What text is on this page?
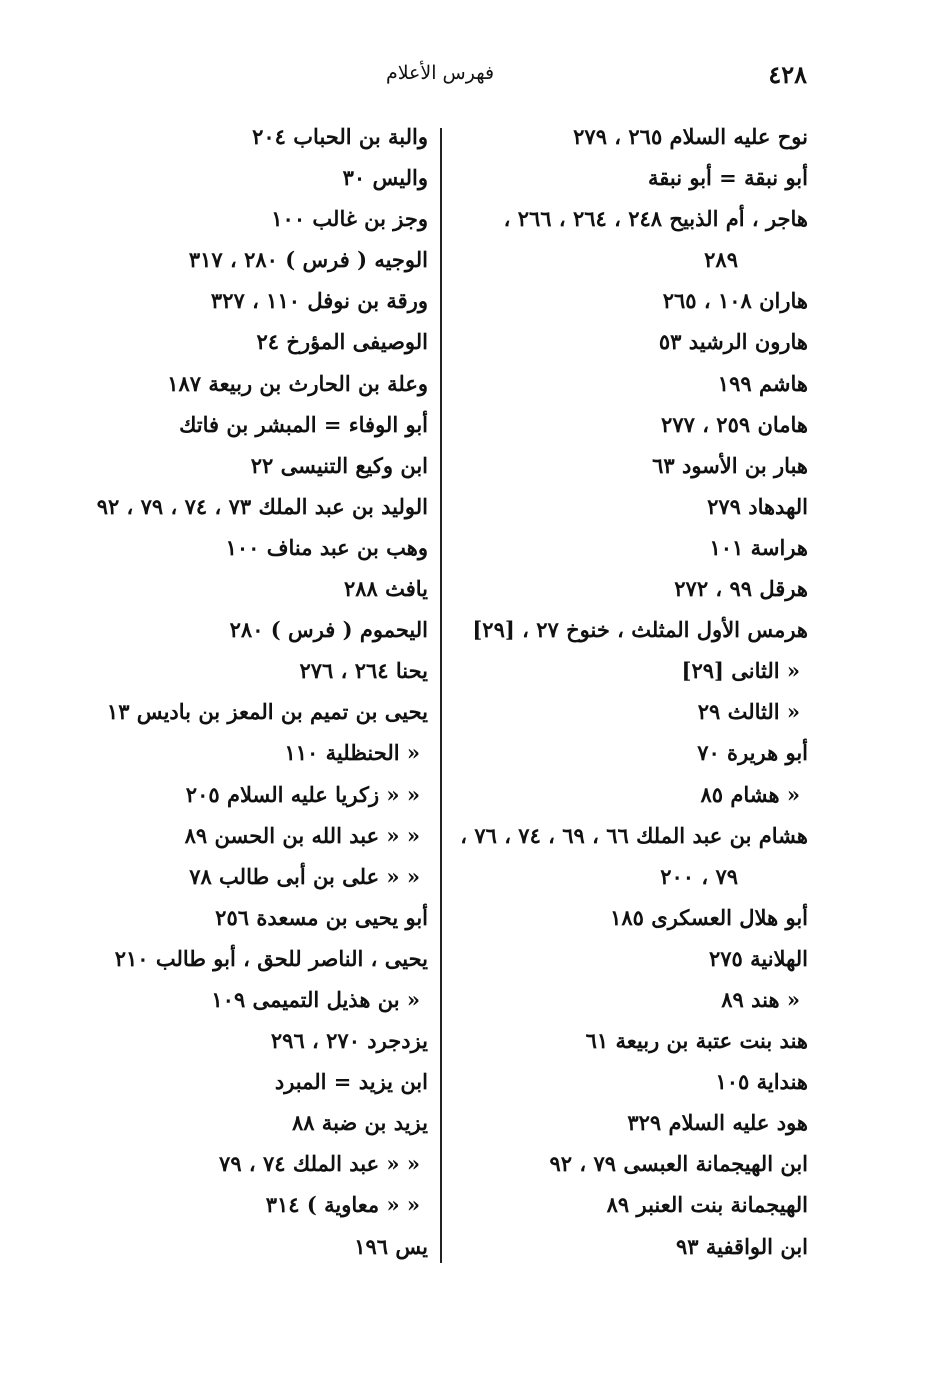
٤٢٨
فهرس الأعلام
نوح عليه السلام ٢٦٥ ، ٢٧٩
أبو نبقة = أبو نبقة
هاجر ، أم الذبيح ٢٤٨ ، ٢٦٤ ، ٢٦٦ ،
٢٨٩
هاران ١٠٨ ، ٢٦٥
هارون الرشيد ٥٣
هاشم ١٩٩
هامان ٢٥٩ ، ٢٧٧
هبار بن الأسود ٦٣
الهدهاد ٢٧٩
هراسة ١٠١
هرقل ٩٩ ، ٢٧٢
هرمس الأول المثلث ، خنوخ ٢٧ ، [٢٩]
« الثانى [٢٩]
« الثالث ٢٩
أبو هريرة ٧٠
« هشام ٨٥
هشام بن عبد الملك ٦٦ ، ٦٩ ، ٧٤ ، ٧٦ ،
٧٩ ، ٢٠٠
أبو هلال العسكرى ١٨٥
الهلانية ٢٧٥
« هند ٨٩
هند بنت عتبة بن ربيعة ٦١
هنداية ١٠٥
هود عليه السلام ٣٢٩
ابن الهيجمانة العبسى ٧٩ ، ٩٢
الهيجمانة بنت العنبر ٨٩
ابن الواقفية ٩٣
والبة بن الحباب ٢٠٤
واليس ٣٠
وجز بن غالب ١٠٠
الوجيه ( فرس ) ٢٨٠ ، ٣١٧
ورقة بن نوفل ١١٠ ، ٣٢٧
الوصيفى المؤرخ ٢٤
وعلة بن الحارث بن ربيعة ١٨٧
أبو الوفاء = المبشر بن فاتك
ابن وكيع التنيسى ٢٢
الوليد بن عبد الملك ٧٣ ، ٧٤ ، ٧٩ ، ٩٢
وهب بن عبد مناف ١٠٠
يافث ٢٨٨
اليحموم ( فرس ) ٢٨٠
يحنا ٢٦٤ ، ٢٧٦
يحيى بن تميم بن المعز بن باديس ١٣
« الحنظلية ١١٠
« « زكريا عليه السلام ٢٠٥
« « عبد الله بن الحسن ٨٩
« « على بن أبى طالب ٧٨
أبو يحيى بن مسعدة ٢٥٦
يحيى ، الناصر للحق ، أبو طالب ٢١٠
« بن هذيل التميمى ١٠٩
يزدجرد ٢٧٠ ، ٢٩٦
ابن يزيد = المبرد
يزيد بن ضبة ٨٨
« « عبد الملك ٧٤ ، ٧٩
« « معاوية ) ٣١٤
يس ١٩٦
